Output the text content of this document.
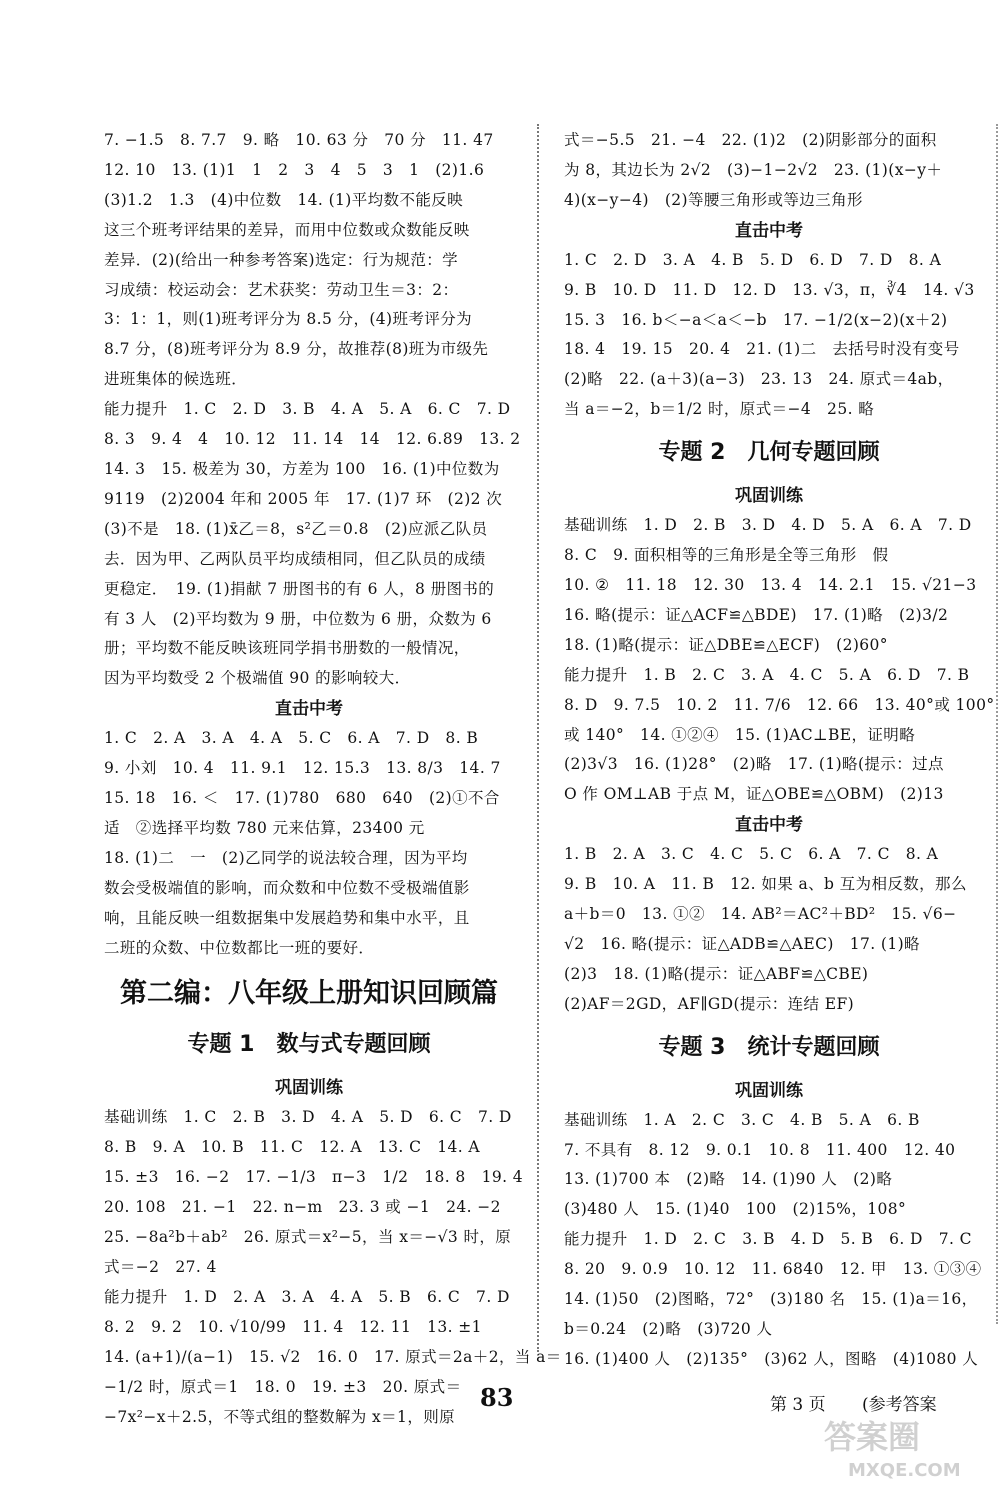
7. −1.5　8. 7.7　9. 略　10. 63 分　70 分　11. 47
12. 10　13. (1)1　1　2　3　4　5　3　1　(2)1.6
(3)1.2　1.3　(4)中位数　14. (1)平均数不能反映
这三个班考评结果的差异，而用中位数或众数能反映
差异．(2)(给出一种参考答案)选定：行为规范：学
习成绩：校运动会：艺术获奖：劳动卫生＝3：2：
3：1：1，则(1)班考评分为 8.5 分，(4)班考评分为
8.7 分，(8)班考评分为 8.9 分，故推荐(8)班为市级先
进班集体的候选班．
能力提升　1. C　2. D　3. B　4. A　5. A　6. C　7. D
8. 3　9. 4　4　10. 12　11. 14　14　12. 6.89　13. 2
14. 3　15. 极差为 30，方差为 100　16. (1)中位数为
9119　(2)2004 年和 2005 年　17. (1)7 环　(2)2 次
(3)不是　18. (1)x̄乙＝8，s²乙＝0.8　(2)应派乙队员
去．因为甲、乙两队员平均成绩相同，但乙队员的成绩
更稳定．　19. (1)捐献 7 册图书的有 6 人，8 册图书的
有 3 人　(2)平均数为 9 册，中位数为 6 册，众数为 6
册；平均数不能反映该班同学捐书册数的一般情况，
因为平均数受 2 个极端值 90 的影响较大．
直击中考
1. C　2. A　3. A　4. A　5. C　6. A　7. D　8. B
9. 小刘　10. 4　11. 9.1　12. 15.3　13. 8/3　14. 7
15. 18　16. ＜　17. (1)780　680　640　(2)①不合
适　②选择平均数 780 元来估算，23400 元
18. (1)二　一　(2)乙同学的说法较合理，因为平均
数会受极端值的影响，而众数和中位数不受极端值影
响，且能反映一组数据集中发展趋势和集中水平，且
二班的众数、中位数都比一班的要好．
第二编：八年级上册知识回顾篇
专题 1　数与式专题回顾
巩固训练
基础训练　1. C　2. B　3. D　4. A　5. D　6. C　7. D
8. B　9. A　10. B　11. C　12. A　13. C　14. A
15. ±3　16. −2　17. −1/3　π−3　1/2　18. 8　19. 4
20. 108　21. −1　22. n−m　23. 3 或 −1　24. −2
25. −8a²b＋ab²　26. 原式＝x²−5，当 x＝−√3 时，原
式＝−2　27. 4
能力提升　1. D　2. A　3. A　4. A　5. B　6. C　7. D
8. 2　9. 2　10. √10/99　11. 4　12. 11　13. ±1
14. (a+1)/(a−1)　15. √2　16. 0　17. 原式＝2a＋2，当 a＝
−1/2 时，原式＝1　18. 0　19. ±3　20. 原式＝
−7x²−x＋2.5，不等式组的整数解为 x＝1，则原
式＝−5.5　21. −4　22. (1)2　(2)阴影部分的面积
为 8，其边长为 2√2　(3)−1−2√2　23. (1)(x−y＋
4)(x−y−4)　(2)等腰三角形或等边三角形
直击中考
1. C　2. D　3. A　4. B　5. D　6. D　7. D　8. A
9. B　10. D　11. D　12. D　13. √3，π，∛4　14. √3
15. 3　16. b＜−a＜a＜−b　17. −1/2(x−2)(x＋2)
18. 4　19. 15　20. 4　21. (1)二　去括号时没有变号
(2)略　22. (a＋3)(a−3)　23. 13　24. 原式＝4ab，
当 a＝−2，b＝1/2 时，原式＝−4　25. 略
专题 2　几何专题回顾
巩固训练
基础训练　1. D　2. B　3. D　4. D　5. A　6. A　7. D
8. C　9. 面积相等的三角形是全等三角形　假
10. ②　11. 18　12. 30　13. 4　14. 2.1　15. √21−3
16. 略(提示：证△ACF≌△BDE)　17. (1)略　(2)3/2
18. (1)略(提示：证△DBE≌△ECF)　(2)60°
能力提升　1. B　2. C　3. A　4. C　5. A　6. D　7. B
8. D　9. 7.5　10. 2　11. 7/6　12. 66　13. 40°或 100°
或 140°　14. ①②④　15. (1)AC⊥BE，证明略
(2)3√3　16. (1)28°　(2)略　17. (1)略(提示：过点
O 作 OM⊥AB 于点 M，证△OBE≌△OBM)　(2)13
直击中考
1. B　2. A　3. C　4. C　5. C　6. A　7. C　8. A
9. B　10. A　11. B　12. 如果 a、b 互为相反数，那么
a＋b＝0　13. ①②　14. AB²＝AC²＋BD²　15. √6−
√2　16. 略(提示：证△ADB≌△AEC)　17. (1)略
(2)3　18. (1)略(提示：证△ABF≌△CBE)
(2)AF＝2GD，AF∥GD(提示：连结 EF)
专题 3　统计专题回顾
巩固训练
基础训练　1. A　2. C　3. C　4. B　5. A　6. B
7. 不具有　8. 12　9. 0.1　10. 8　11. 400　12. 40
13. (1)700 本　(2)略　14. (1)90 人　(2)略
(3)480 人　15. (1)40　100　(2)15%，108°
能力提升　1. D　2. C　3. B　4. D　5. B　6. D　7. C
8. 20　9. 0.9　10. 12　11. 6840　12. 甲　13. ①③④
14. (1)50　(2)图略，72°　(3)180 名　15. (1)a＝16，
b＝0.24　(2)略　(3)720 人
16. (1)400 人　(2)135°　(3)62 人，图略　(4)1080 人
83	第 3 页 (参考答案
答案圈
MXQE.COM
